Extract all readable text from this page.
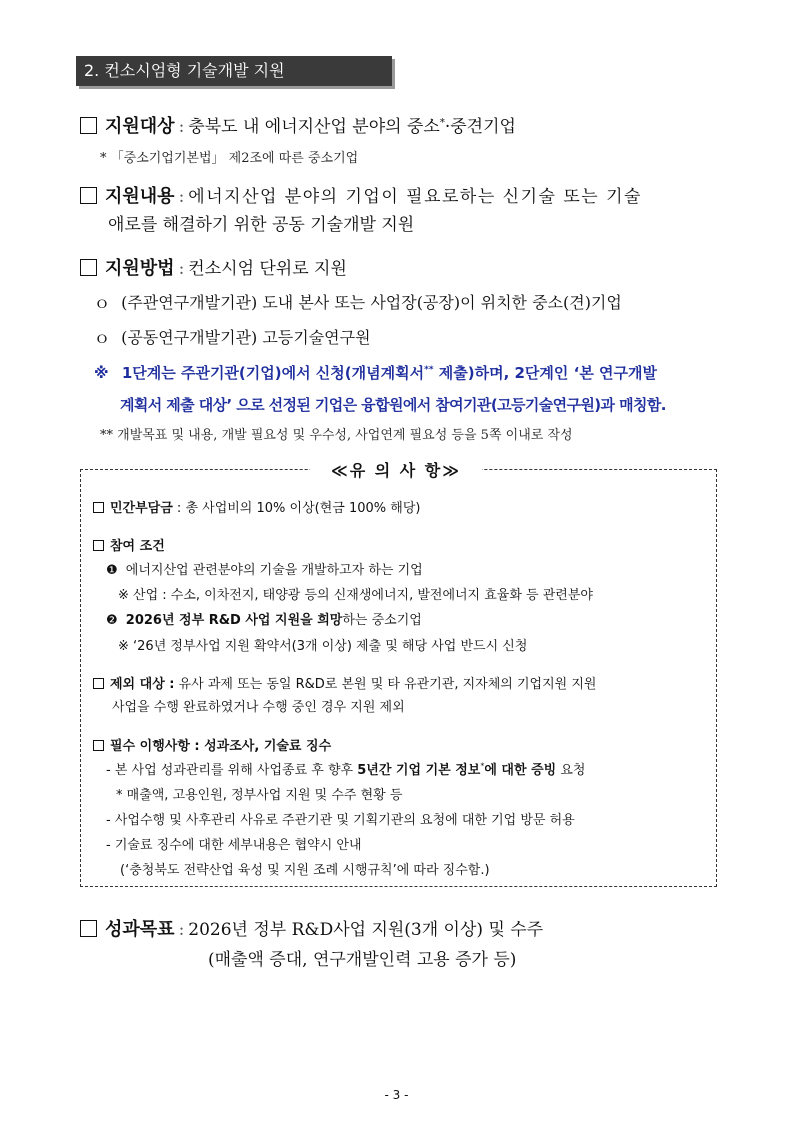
2. 컨소시엄형 기술개발 지원
지원대상 : 충북도 내 에너지산업 분야의 중소*·중견기업
* 「중소기업기본법」 제2조에 따른 중소기업
지원내용 : 에너지산업 분야의 기업이 필요로하는 신기술 또는 기술
애로를 해결하기 위한 공동 기술개발 지원
지원방법 : 컨소시엄 단위로 지원
ｏ (주관연구개발기관) 도내 본사 또는 사업장(공장)이 위치한 중소(견)기업
ｏ (공동연구개발기관) 고등기술연구원
※ 1단계는 주관기관(기업)에서 신청(개념계획서** 제출)하며, 2단계인 ‘본 연구개발
계획서 제출 대상’ 으로 선정된 기업은 융합원에서 참여기관(고등기술연구원)과 매칭함.
** 개발목표 및 내용, 개발 필요성 및 우수성, 사업연계 필요성 등을 5쪽 이내로 작성
≪유 의 사 항≫
민간부담금 : 총 사업비의 10% 이상(현금 100% 해당)
참여 조건
❶ 에너지산업 관련분야의 기술을 개발하고자 하는 기업
※ 산업 : 수소, 이차전지, 태양광 등의 신재생에너지, 발전에너지 효율화 등 관련분야
❷ 2026년 정부 R&D 사업 지원을 희망하는 중소기업
※ ‘26년 정부사업 지원 확약서(3개 이상) 제출 및 해당 사업 반드시 신청
제외 대상 : 유사 과제 또는 동일 R&D로 본원 및 타 유관기관, 지자체의 기업지원 지원
사업을 수행 완료하였거나 수행 중인 경우 지원 제외
필수 이행사항 : 성과조사, 기술료 징수
- 본 사업 성과관리를 위해 사업종료 후 향후 5년간 기업 기본 정보*에 대한 증빙 요청
* 매출액, 고용인원, 정부사업 지원 및 수주 현황 등
- 사업수행 및 사후관리 사유로 주관기관 및 기획기관의 요청에 대한 기업 방문 허용
- 기술료 징수에 대한 세부내용은 협약시 안내
(‘충청북도 전략산업 육성 및 지원 조례 시행규칙’에 따라 징수함.)
성과목표 : 2026년 정부 R&D사업 지원(3개 이상) 및 수주
(매출액 증대, 연구개발인력 고용 증가 등)
- 3 -
